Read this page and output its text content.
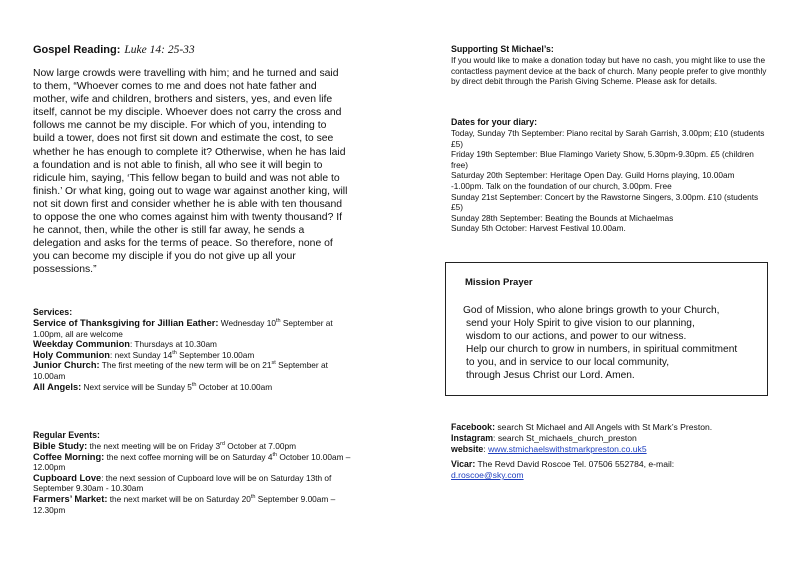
Gospel Reading: Luke 14: 25-33

Now large crowds were travelling with him; and he turned and said to them, “Whoever comes to me and does not hate father and mother, wife and children, brothers and sisters, yes, and even life itself, cannot be my disciple. Whoever does not carry the cross and follows me cannot be my disciple. For which of you, intending to build a tower, does not first sit down and estimate the cost, to see whether he has enough to complete it? Otherwise, when he has laid a foundation and is not able to finish, all who see it will begin to ridicule him, saying, ‘This fellow began to build and was not able to finish.’ Or what king, going out to wage war against another king, will not sit down first and consider whether he is able with ten thousand to oppose the one who comes against him with twenty thousand? If he cannot, then, while the other is still far away, he sends a delegation and asks for the terms of peace. So therefore, none of you can become my disciple if you do not give up all your possessions.”

Services:

Service of Thanksgiving for Jillian Eather: Wednesday 10th September at 1.00pm, all are welcome
Weekday Communion: Thursdays at 10.30am
Holy Communion: next Sunday 14th September 10.00am
Junior Church: The first meeting of the new term will be on 21st September at 10.00am
All Angels: Next service will be Sunday 5th October at 10.00am

Regular Events:

Bible Study: the next meeting will be on Friday 3rd October at 7.00pm
Coffee Morning: the next coffee morning will be on Saturday 4th October 10.00am – 12.00pm
Cupboard Love: the next session of Cupboard love will be on Saturday 13th of September 9.30am - 10.30am
Farmers’ Market: the next market will be on Saturday 20th September 9.00am – 12.30pm

Supporting St Michael’s:

If you would like to make a donation today but have no cash, you might like to use the contactless payment device at the back of church. Many people prefer to give monthly by direct debit through the Parish Giving Scheme. Please ask for details.

Dates for your diary:

Today, Sunday 7th September: Piano recital by Sarah Garrish, 3.00pm; £10 (students £5)
Friday 19th September: Blue Flamingo Variety Show, 5.30pm-9.30pm. £5 (children free)
Saturday 20th September: Heritage Open Day. Guild Horns playing, 10.00am -1.00pm. Talk on the foundation of our church, 3.00pm. Free
Sunday 21st September: Concert by the Rawstorne Singers, 3.00pm. £10 (students £5)
Sunday 28th September: Beating the Bounds at Michaelmas
Sunday 5th October: Harvest Festival 10.00am.
Mission Prayer
God of Mission, who alone brings growth to your Church,
send your Holy Spirit to give vision to our planning,
wisdom to our actions, and power to our witness.
Help our church to grow in numbers, in spiritual commitment
to you, and in service to our local community,
through Jesus Christ our Lord. Amen.
Facebook: search St Michael and All Angels with St Mark’s Preston.
Instagram: search St_michaels_church_preston
website: www.stmichaelswithstmarkpreston.co.uk5
Vicar: The Revd David Roscoe Tel. 07506 552784, e-mail:
d.roscoe@sky.com
